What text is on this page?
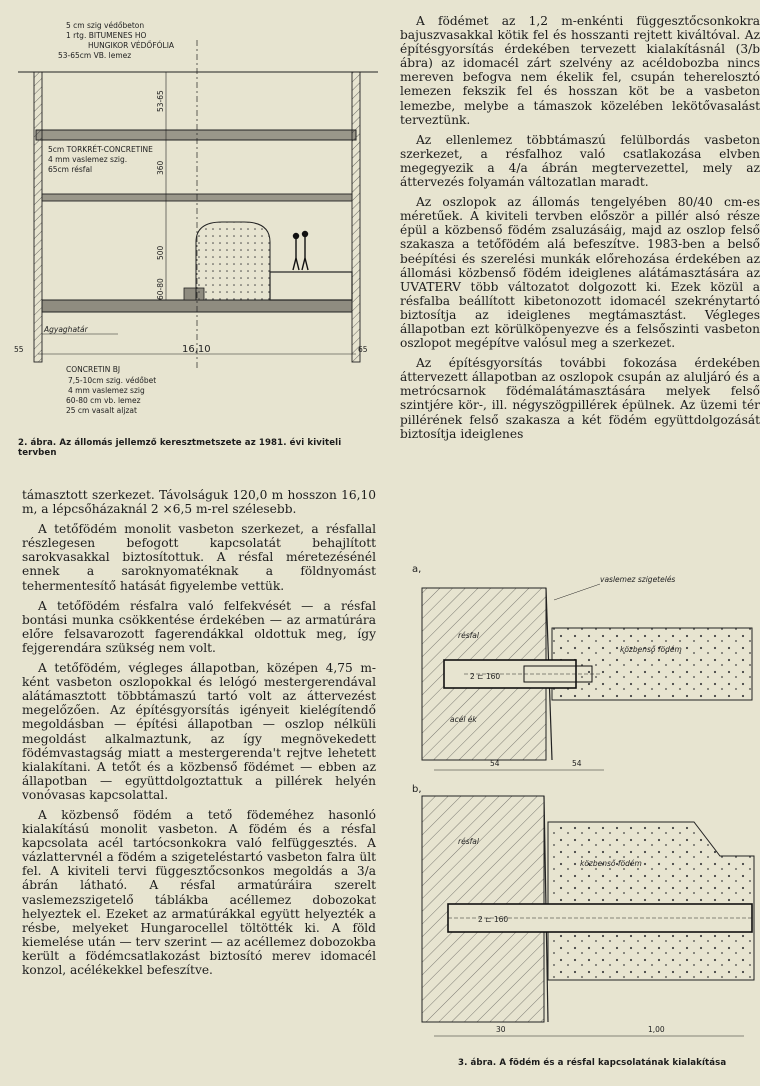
53-65
360
500
60-80
16,10
55	65
Agyaghatár
5 cm szig védőbeton
1 rtg. BITUMENES HO
HUNGIKOR VÉDŐFÓLIA
53-65cm VB. lemez
5cm TORKRÉT-CONCRETINE
4 mm vaslemez szig.
65cm résfal
CONCRETIN BJ
7,5-10cm szig. védőbet
4 mm vaslemez szig
60-80 cm vb. lemez
25 cm vasalt aljzat
2. ábra. Az állomás jellemző keresztmetszete az 1981. évi kiviteli tervben

támasztott szerkezet. Távolságuk 120,0 m hosszon 16,10 m, a lépcsőházaknál 2 ×6,5 m-rel szélesebb.

A tetőfödém monolit vasbeton szerkezet, a résfallal részlegesen befogott kapcsolatát behajlított sarokvasakkal biztosítottuk. A résfal méretezésénél ennek a saroknyomatéknak a földnyomást tehermentesítő hatását figyelembe vettük.

A tetőfödém résfalra való felfekvését — a résfal bontási munka csökkentése érdekében — az armatúrára előre felsavarozott fagerendákkal oldottuk meg, így fejgerendára szükség nem volt.

A tetőfödém, végleges állapotban, középen 4,75 m-ként vasbeton oszlopokkal és lelógó mestergerendával alátámasztott többtámaszú tartó volt az áttervezést megelőzően. Az építésgyorsítás igényeit kielégítendő megoldásban — építési állapotban — oszlop nélküli megoldást alkalmaztunk, az így megnövekedett födémvastagság miatt a mestergerenda't rejtve lehetett kialakítani. A tetőt és a közbenső födémet — ebben az állapotban — együttdolgoztattuk a pillérek helyén vonóvasas kapcsolattal.

A közbenső födém a tető födeméhez hasonló kialakítású monolit vasbeton. A födém és a résfal kapcsolata acél tartócsonkokra való felfüggesztés. A vázlattervnél a födém a szigeteléstartó vasbeton falra ült fel. A kiviteli tervi függesztőcsonkos megoldás a 3/a ábrán látható. A résfal armatúráira szerelt vaslemezszigetelő táblákba acéllemez dobozokat helyeztek el. Ezeket az armatúrákkal együtt helyezték a résbe, melyeket Hungarocellel töltötték ki. A föld kiemelése után — terv szerint — az acéllemez dobozokba került a födémcsatlakozást biztosító merev idomacél konzol, acélékekkel befeszítve.

A födémet az 1,2 m-enkénti függesztőcsonkokra bajuszvasakkal kötik fel és hosszanti rejtett kiváltóval. Az építésgyorsítás érdekében tervezett kialakításnál (3/b ábra) az idomacél zárt szelvény az acéldobozba nincs mereven befogva nem ékelik fel, csupán teherelosztó lemezen fekszik fel és hosszan köt be a vasbeton lemezbe, melybe a támaszok közelében lekötővasalást terveztünk.

Az ellenlemez többtámaszú felülbordás vasbeton szerkezet, a résfalhoz való csatlakozása elvben megegyezik a 4/a ábrán megtervezettel, mely az áttervezés folyamán változatlan maradt.

Az oszlopok az állomás tengelyében 80/40 cm-es méretűek. A kiviteli tervben először a pillér alsó része épül a közbenső födém zsaluzásáig, majd az oszlop felső szakasza a tetőfödém alá befeszítve. 1983-ben a belső beépítési és szerelési munkák előrehozása érdekében az állomási közbenső födém ideiglenes alátámasztására az UVATERV több változatot dolgozott ki. Ezek közül a résfalba beállított kibetonozott idomacél szekrénytartó biztosítja az ideiglenes megtámasztást. Végleges állapotban ezt körülköpenyezve és a felsőszinti vasbeton oszlopot megépítve valósul meg a szerkezet.

Az építésgyorsítás további fokozása érdekében áttervezett állapotban az oszlopok csupán az aluljáró és a metrócsarnok födémalátámasztására melyek felső szintjére kör-, ill. négyszögpillérek épülnek. Az üzemi tér pillérének felső szakasza a két födém együttdolgozását biztosítja ideiglenes

a,
2 ⊏ 160
vaslemez szigetelés
résfal
közbenső födém
acél ék
54	54
b,
2 ⊏ 160
résfal
közbenső födém
30	1,00
3. ábra. A födém és a résfal kapcsolatának kialakítása
